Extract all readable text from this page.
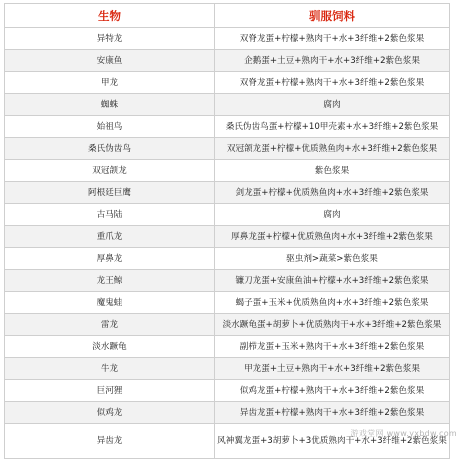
生物	驯服饲料
异特龙	双脊龙蛋+柠檬+熟肉干+水+3纤维+2紫色浆果
安康鱼	企鹅蛋+土豆+熟肉干+水+3纤维+2紫色浆果
甲龙	双脊龙蛋+柠檬+熟肉干+水+3纤维+2紫色浆果
蜘蛛	腐肉
始祖鸟	桑氏伪齿鸟蛋+柠檬+10甲壳素+水+3纤维+2紫色浆果
桑氏伪齿鸟	双冠颌龙蛋+柠檬+优质熟鱼肉+水+3纤维+2紫色浆果
双冠颌龙	紫色浆果
阿根廷巨鹰	剑龙蛋+柠檬+优质熟鱼肉+水+3纤维+2紫色浆果
古马陆	腐肉
重爪龙	厚鼻龙蛋+柠檬+优质熟鱼肉+水+3纤维+2紫色浆果
厚鼻龙	驱虫剂>蔬菜>紫色浆果
龙王鲸	镰刀龙蛋+安康鱼油+柠檬+水+3纤维+2紫色浆果
魔鬼蛙	蝎子蛋+玉米+优质熟鱼肉+水+3纤维+2紫色浆果
雷龙	淡水蹶龟蛋+胡萝卜+优质熟肉干+水+3纤维+2紫色浆果
淡水蹶龟	副栉龙蛋+玉米+熟肉干+水+3纤维+2紫色浆果
牛龙	甲龙蛋+土豆+熟肉干+水+3纤维+2紫色浆果
巨河狸	似鸡龙蛋+柠檬+熟肉干+水+3纤维+2紫色浆果
似鸡龙	异齿龙蛋+柠檬+熟肉干+水+3纤维+2紫色浆果
异齿龙	风神翼龙蛋+3胡萝卜+3优质熟肉干+水+3纤维+2紫色浆果
游戏堂网 www.yxbdw.com
